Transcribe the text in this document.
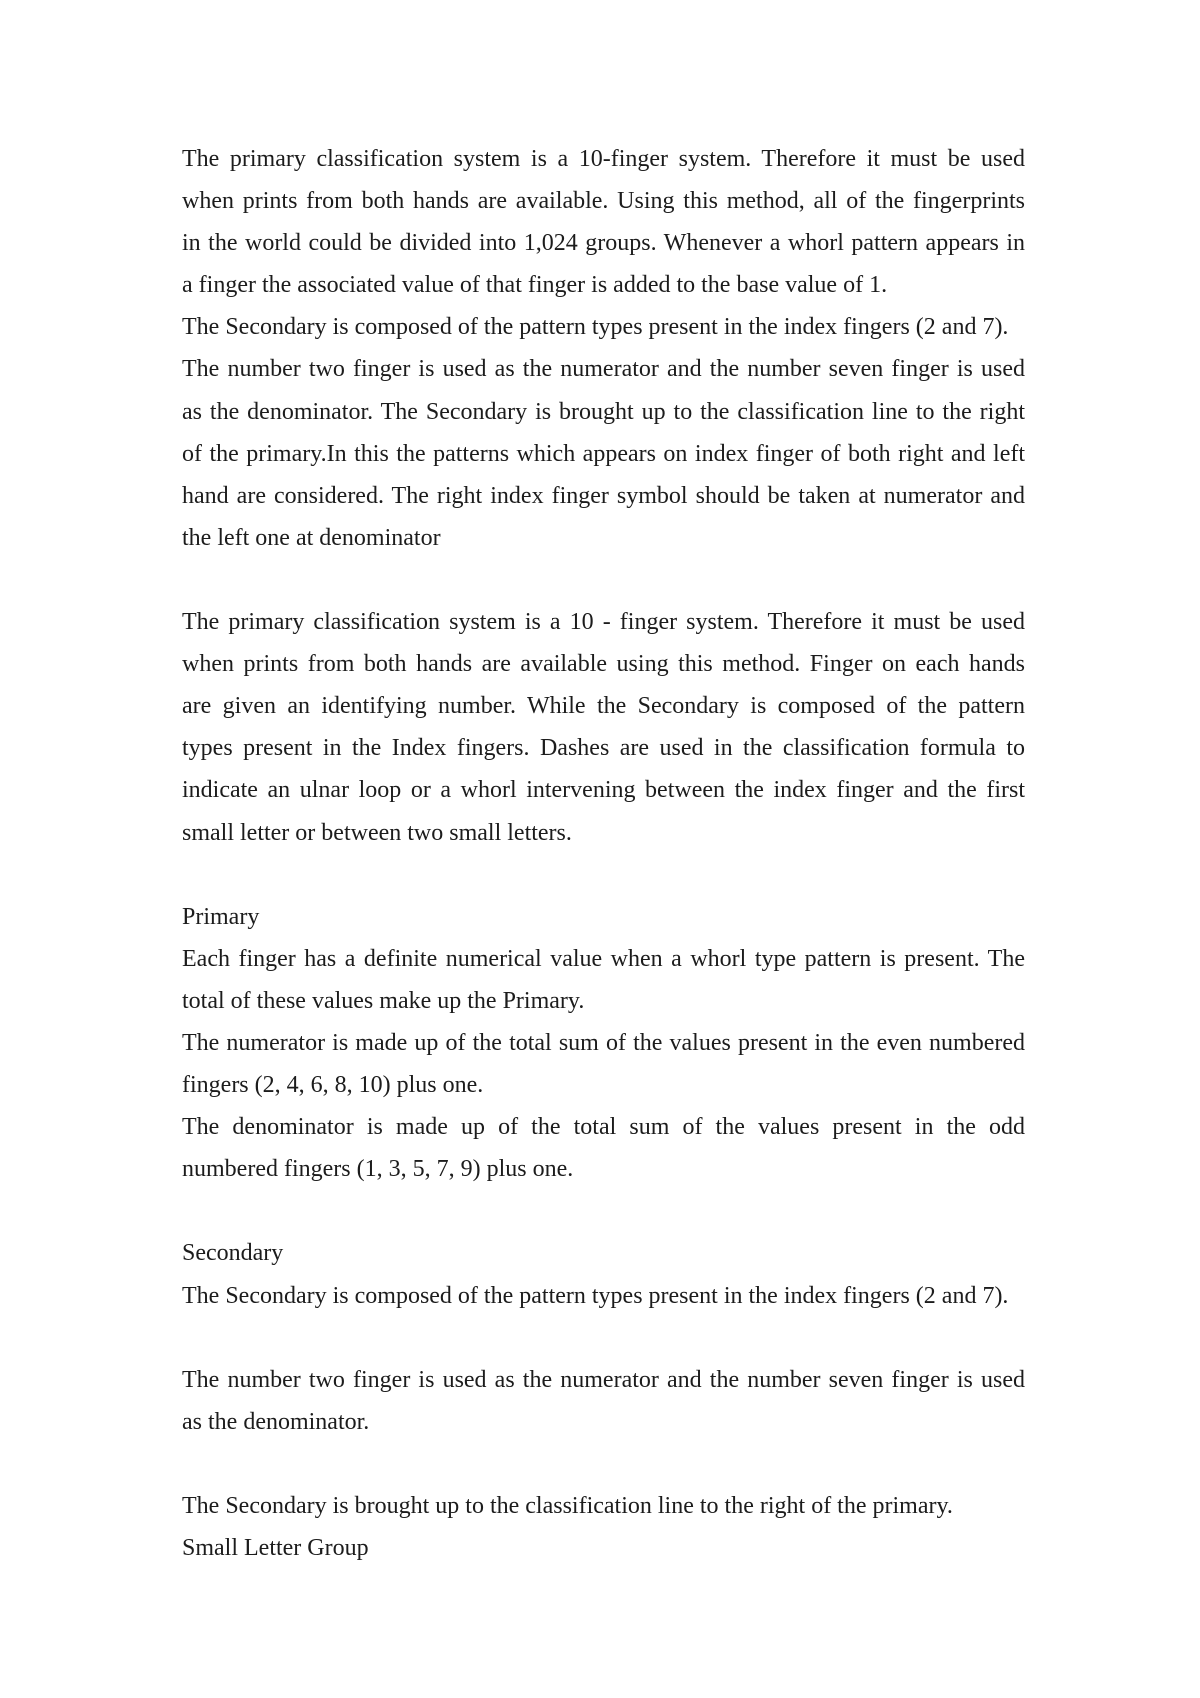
The primary classification system is a 10-finger system. Therefore it must be used
when prints from both hands are available. Using this method, all of the fingerprints
in the world could be divided into 1,024 groups. Whenever a whorl pattern appears in
a finger the associated value of that finger is added to the base value of 1.
The Secondary is composed of the pattern types present in the index fingers (2 and 7).
The number two finger is used as the numerator and the number seven finger is used
as the denominator. The Secondary is brought up to the classification line to the right
of the primary.In this the patterns which appears on index finger of both right and left
hand are considered. The right index finger symbol should be taken at numerator and
the left one at denominator
The primary classification system is a 10 - finger system. Therefore it must be used
when prints from both hands are available using this method. Finger on each hands
are given an identifying number. While the Secondary is composed of the pattern
types present in the Index fingers. Dashes are used in the classification formula to
indicate an ulnar loop or a whorl intervening between the index finger and the first
small letter or between two small letters.
Primary
Each finger has a definite numerical value when a whorl type pattern is present. The
total of these values make up the Primary.
The numerator is made up of the total sum of the values present in the even numbered
fingers (2, 4, 6, 8, 10) plus one.
The denominator is made up of the total sum of the values present in the odd
numbered fingers (1, 3, 5, 7, 9) plus one.
Secondary
The Secondary is composed of the pattern types present in the index fingers (2 and 7).
The number two finger is used as the numerator and the number seven finger is used
as the denominator.
The Secondary is brought up to the classification line to the right of the primary.
Small Letter Group
